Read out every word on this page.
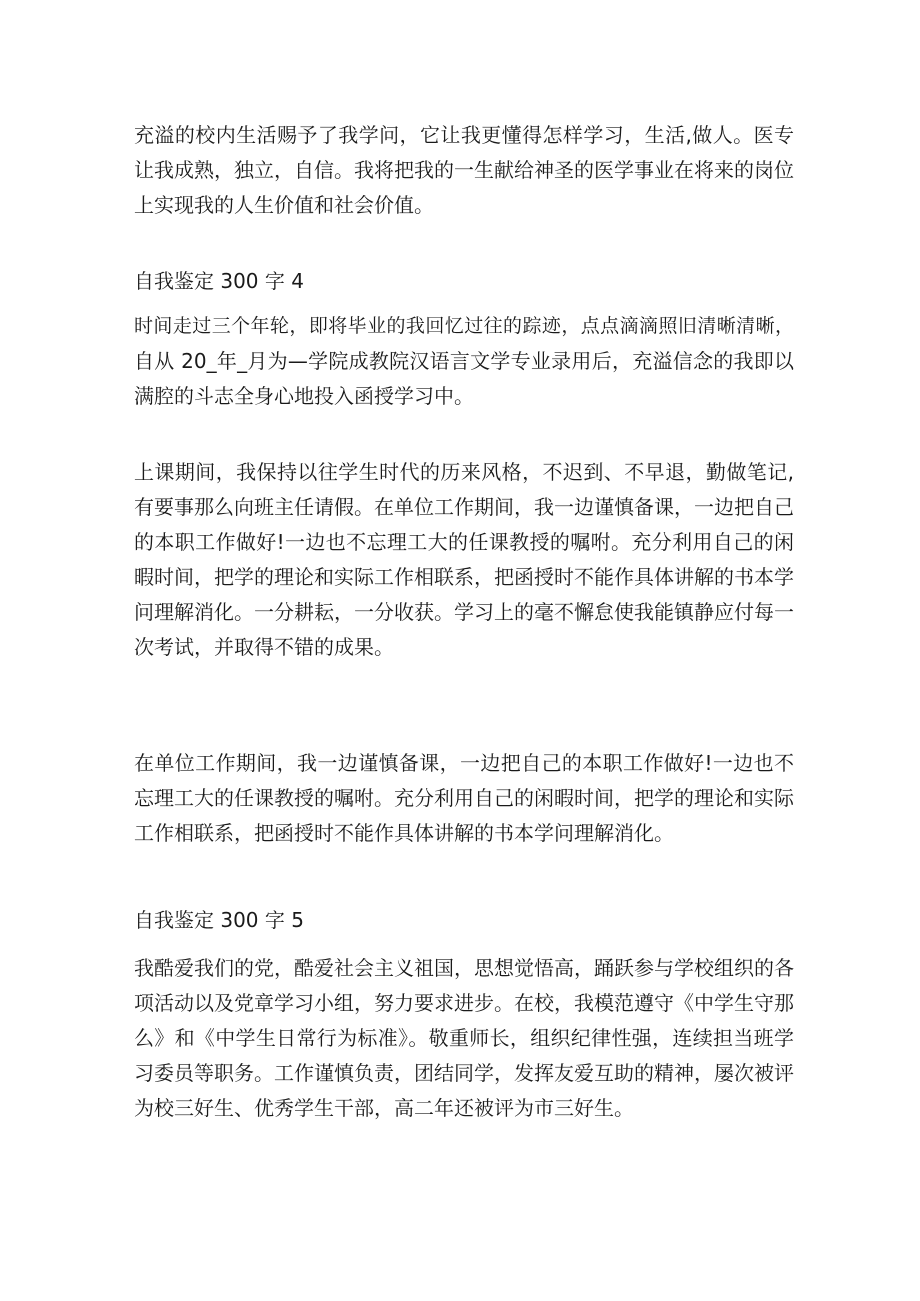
充溢的校内生活赐予了我学问，它让我更懂得怎样学习，生活,做人。医专
让我成熟，独立，自信。我将把我的一生献给神圣的医学事业在将来的岗位
上实现我的人生价值和社会价值。
自我鉴定 300 字 4
时间走过三个年轮，即将毕业的我回忆过往的踪迹，点点滴滴照旧清晰清晰，
自从 20_年_月为—学院成教院汉语言文学专业录用后，充溢信念的我即以
满腔的斗志全身心地投入函授学习中。
上课期间，我保持以往学生时代的历来风格，不迟到、不早退，勤做笔记,
有要事那么向班主任请假。在单位工作期间，我一边谨慎备课，一边把自己
的本职工作做好!一边也不忘理工大的任课教授的嘱咐。充分利用自己的闲
暇时间，把学的理论和实际工作相联系，把函授时不能作具体讲解的书本学
问理解消化。一分耕耘，一分收获。学习上的毫不懈怠使我能镇静应付每一
次考试，并取得不错的成果。
在单位工作期间，我一边谨慎备课，一边把自己的本职工作做好!一边也不
忘理工大的任课教授的嘱咐。充分利用自己的闲暇时间，把学的理论和实际
工作相联系，把函授时不能作具体讲解的书本学问理解消化。
自我鉴定 300 字 5
我酷爱我们的党，酷爱社会主义祖国，思想觉悟高，踊跃参与学校组织的各
项活动以及党章学习小组，努力要求进步。在校，我模范遵守《中学生守那
么》和《中学生日常行为标准》。敬重师长，组织纪律性强，连续担当班学
习委员等职务。工作谨慎负责，团结同学，发挥友爱互助的精神，屡次被评
为校三好生、优秀学生干部，高二年还被评为市三好生。
